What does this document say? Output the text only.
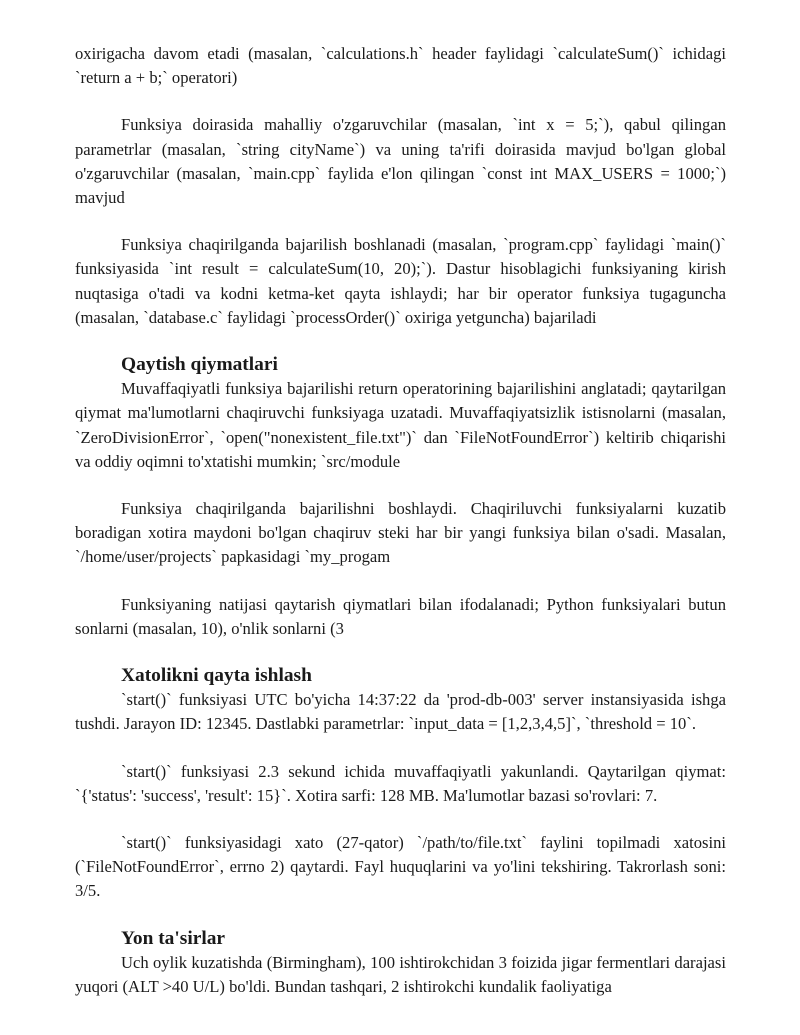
oxirigacha davom etadi (masalan, `calculations.h` header faylidagi `calculateSum()` ichidagi `return a + b;` operatori)

Funksiya doirasida mahalliy o'zgaruvchilar (masalan, `int x = 5;`), qabul qilingan parametrlar (masalan, `string cityName`) va uning ta'rifi doirasida mavjud bo'lgan global o'zgaruvchilar (masalan, `main.cpp` faylida e'lon qilingan `const int MAX_USERS = 1000;`) mavjud

Funksiya chaqirilganda bajarilish boshlanadi (masalan, `program.cpp` faylidagi `main()` funksiyasida `int result = calculateSum(10, 20);`). Dastur hisoblagichi funksiyaning kirish nuqtasiga o'tadi va kodni ketma-ket qayta ishlaydi; har bir operator funksiya tugaguncha (masalan, `database.c` faylidagi `processOrder()` oxiriga yetguncha) bajariladi

Qaytish qiymatlari

Muvaffaqiyatli funksiya bajarilishi return operatorining bajarilishini anglatadi; qaytarilgan qiymat ma'lumotlarni chaqiruvchi funksiyaga uzatadi. Muvaffaqiyatsizlik istisnolarni (masalan, `ZeroDivisionError`, `open("nonexistent_file.txt")` dan `FileNotFoundError`) keltirib chiqarishi va oddiy oqimni to'xtatishi mumkin; `src/module

Funksiya chaqirilganda bajarilishni boshlaydi. Chaqiriluvchi funksiyalarni kuzatib boradigan xotira maydoni bo'lgan chaqiruv steki har bir yangi funksiya bilan o'sadi. Masalan, `/home/user/projects` papkasidagi `my_progam

Funksiyaning natijasi qaytarish qiymatlari bilan ifodalanadi; Python funksiyalari butun sonlarni (masalan, 10), o'nlik sonlarni (3

Xatolikni qayta ishlash

`start()` funksiyasi UTC bo'yicha 14:37:22 da 'prod-db-003' server instansiyasida ishga tushdi. Jarayon ID: 12345. Dastlabki parametrlar: `input_data = [1,2,3,4,5]`, `threshold = 10`.

`start()` funksiyasi 2.3 sekund ichida muvaffaqiyatli yakunlandi. Qaytarilgan qiymat: `{'status': 'success', 'result': 15}`. Xotira sarfi: 128 MB. Ma'lumotlar bazasi so'rovlari: 7.

`start()` funksiyasidagi xato (27-qator) `/path/to/file.txt` faylini topilmadi xatosini (`FileNotFoundError`, errno 2) qaytardi. Fayl huquqlarini va yo'lini tekshiring. Takrorlash soni: 3/5.

Yon ta'sirlar

Uch oylik kuzatishda (Birmingham), 100 ishtirokchidan 3 foizida jigar fermentlari darajasi yuqori (ALT >40 U/L) bo'ldi. Bundan tashqari, 2 ishtirokchi kundalik faoliyatiga
